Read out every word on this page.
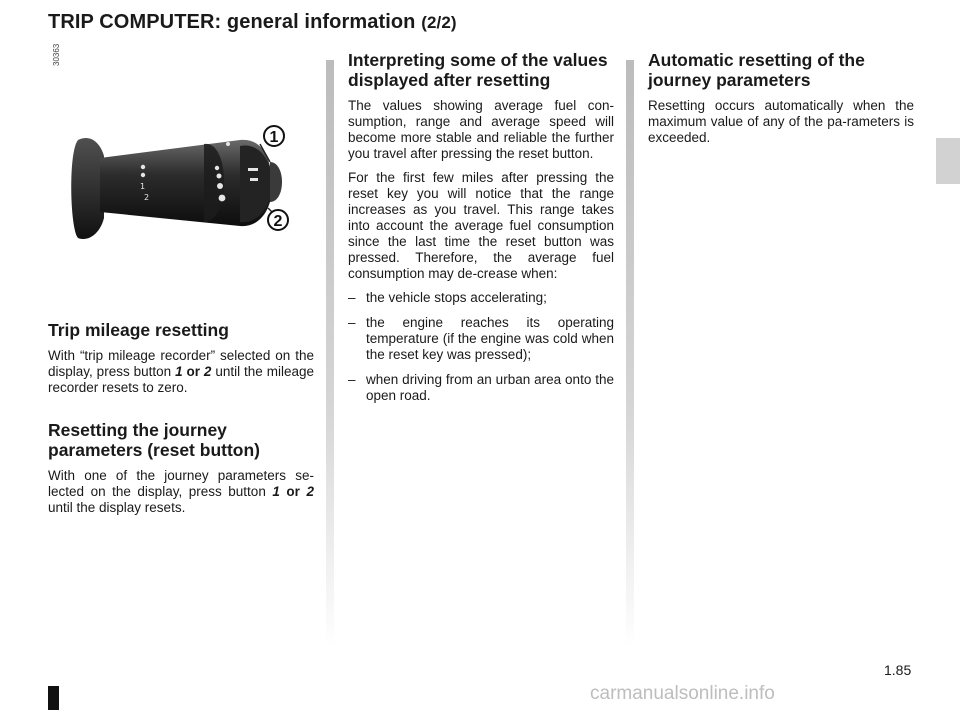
TRIP COMPUTER: general information (2/2)
30363
1
2
1
2
Trip mileage resetting

With “trip mileage recorder” selected on the display, press button 1 or 2 until the mileage recorder resets to zero.

Resetting the journey parameters (reset button)

With one of the journey parameters se-lected on the display, press button 1 or 2 until the display resets.

Interpreting some of the values displayed after resetting

The values showing average fuel con-sumption, range and average speed will become more stable and reliable the further you travel after pressing the reset button.

For the first few miles after pressing the reset key you will notice that the range increases as you travel. This range takes into account the average fuel consumption since the last time the reset button was pressed. Therefore, the average fuel consumption may de-crease when:

– the vehicle stops accelerating;
– the engine reaches its operating temperature (if the engine was cold when the reset key was pressed);
– when driving from an urban area onto the open road.
Automatic resetting of the journey parameters

Resetting occurs automatically when the maximum value of any of the pa-rameters is exceeded.

1.85
carmanualsonline.info
